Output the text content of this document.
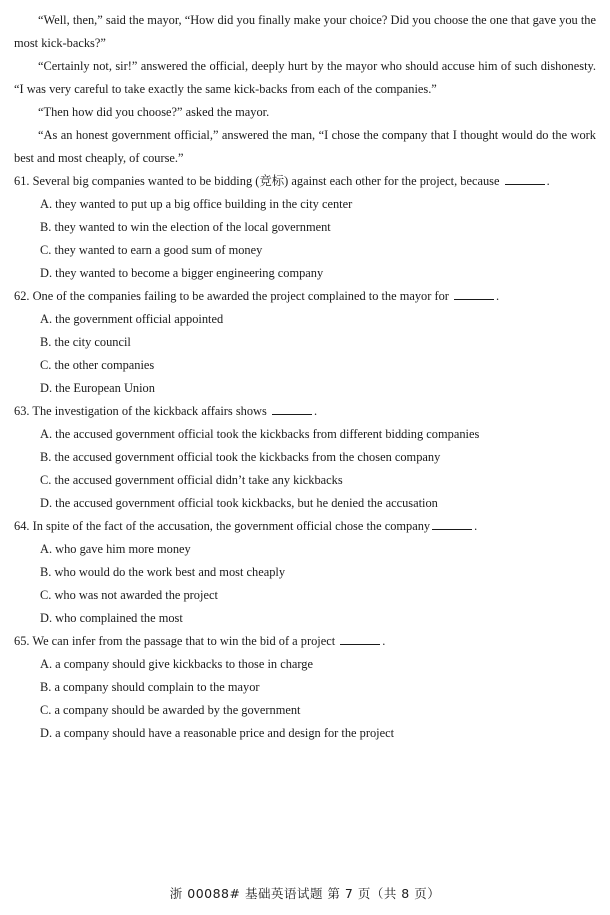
“Well, then,” said the mayor, “How did you finally make your choice? Did you choose the one that gave you the most kick-backs?”

“Certainly not, sir!” answered the official, deeply hurt by the mayor who should accuse him of such dishonesty. “I was very careful to take exactly the same kick-backs from each of the companies.”

“Then how did you choose?” asked the mayor.

“As an honest government official,” answered the man, “I chose the company that I thought would do the work best and most cheaply, of course.”

61. Several big companies wanted to be bidding (竞标) against each other for the project, because	.

A. they wanted to put up a big office building in the city center
B. they wanted to win the election of the local government
C. they wanted to earn a good sum of money
D. they wanted to become a bigger engineering company

62. One of the companies failing to be awarded the project complained to the mayor for	.

A. the government official appointed
B. the city council
C. the other companies
D. the European Union

63. The investigation of the kickback affairs shows	.

A. the accused government official took the kickbacks from different bidding companies
B. the accused government official took the kickbacks from the chosen company
C. the accused government official didn’t take any kickbacks
D. the accused government official took kickbacks, but he denied the accusation

64. In spite of the fact of the accusation, the government official chose the company	.

A. who gave him more money
B. who would do the work best and most cheaply
C. who was not awarded the project
D. who complained the most

65. We can infer from the passage that to win the bid of a project	.

A. a company should give kickbacks to those in charge
B. a company should complain to the mayor
C. a company should be awarded by the government
D. a company should have a reasonable price and design for the project
浙 00088# 基础英语试题 第 7 页（共 8 页）
